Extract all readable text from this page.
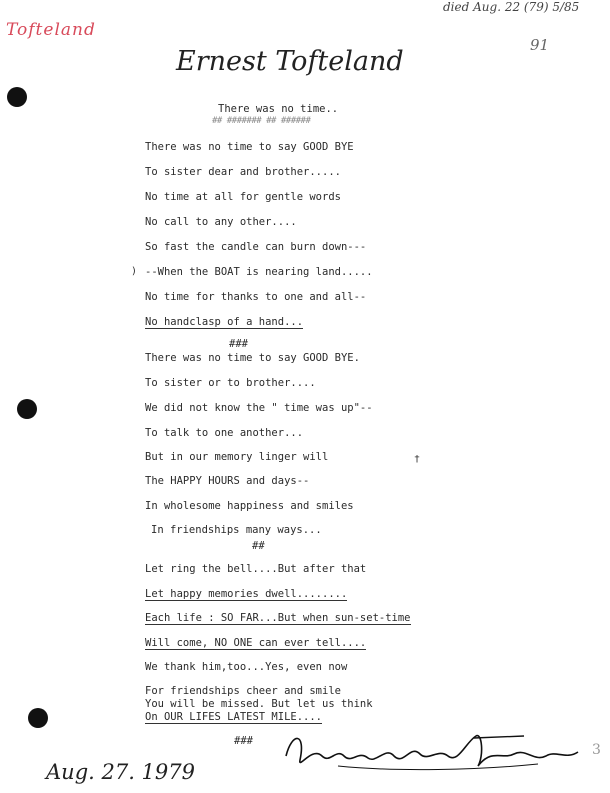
Tofteland
died Aug. 22 (79) 5/85
91
Ernest Tofteland
There was no time..
## ####### ## ######
There was no time to say GOOD BYE
To sister dear and brother.....
No time at all for gentle words
No call to any other....
So fast the candle can burn down---
--When the BOAT is nearing land.....
No time for thanks to one and all--
No handclasp of a hand...
###
There was no time to say GOOD BYE.
To sister or to brother....
We did not know the " time was up"--
To talk to one another...
But in our memory linger will
The HAPPY HOURS and days--
In wholesome happiness and smiles
In friendships many ways...
##
Let ring the bell....But after that
Let happy memories dwell........
Each life : SO FAR...But when sun-set-time
Will come, NO ONE can ever tell....
We thank him,too...Yes, even now
For friendships cheer and smile
You will be missed. But let us think
On OUR LIFES LATEST MILE....
###
)
†
Aug. 27. 1979
3
